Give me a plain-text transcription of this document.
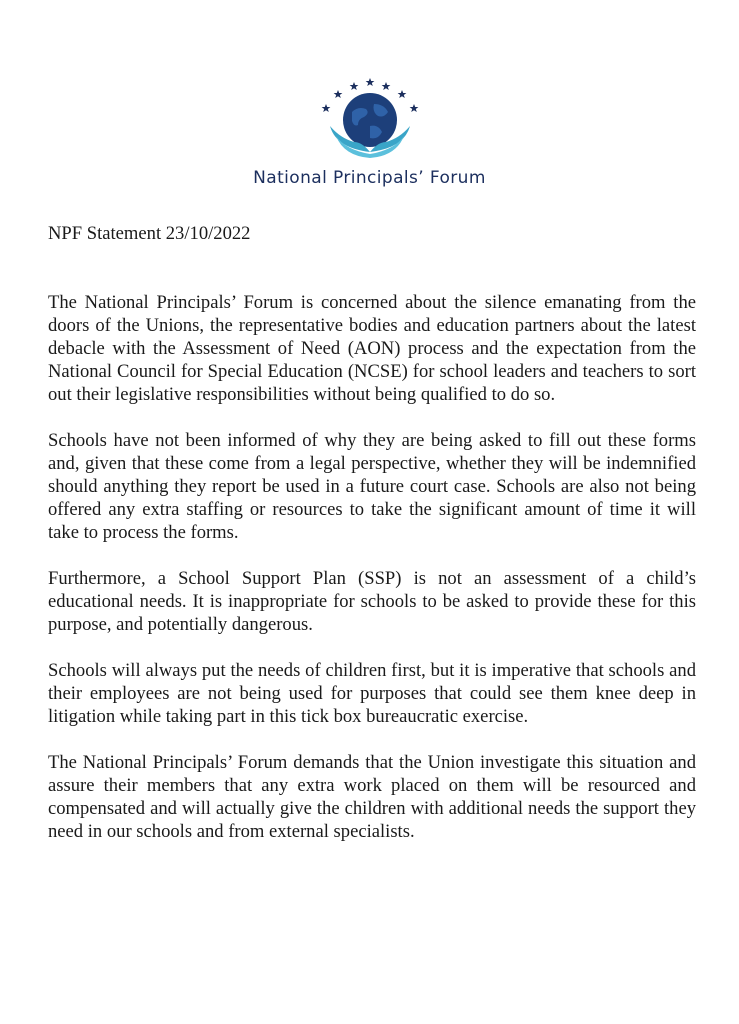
National Principals’ Forum

NPF Statement 23/10/2022

The National Principals’ Forum is concerned about the silence emanating from the doors of the Unions, the representative bodies and education partners about the latest debacle with the Assessment of Need (AON) process and the expectation from the National Council for Special Education (NCSE) for school leaders and teachers to sort out their legislative responsibilities without being qualified to do so.

Schools have not been informed of why they are being asked to fill out these forms and, given that these come from a legal perspective, whether they will be indemnified should anything they report be used in a future court case. Schools are also not being offered any extra staffing or resources to take the significant amount of time it will take to process the forms.

Furthermore, a School Support Plan (SSP) is not an assessment of a child’s educational needs. It is inappropriate for schools to be asked to provide these for this purpose, and potentially dangerous.

Schools will always put the needs of children first, but it is imperative that schools and their employees are not being used for purposes that could see them knee deep in litigation while taking part in this tick box bureaucratic exercise.

The National Principals’ Forum demands that the Union investigate this situation and assure their members that any extra work placed on them will be resourced and compensated and will actually give the children with additional needs the support they need in our schools and from external specialists.
